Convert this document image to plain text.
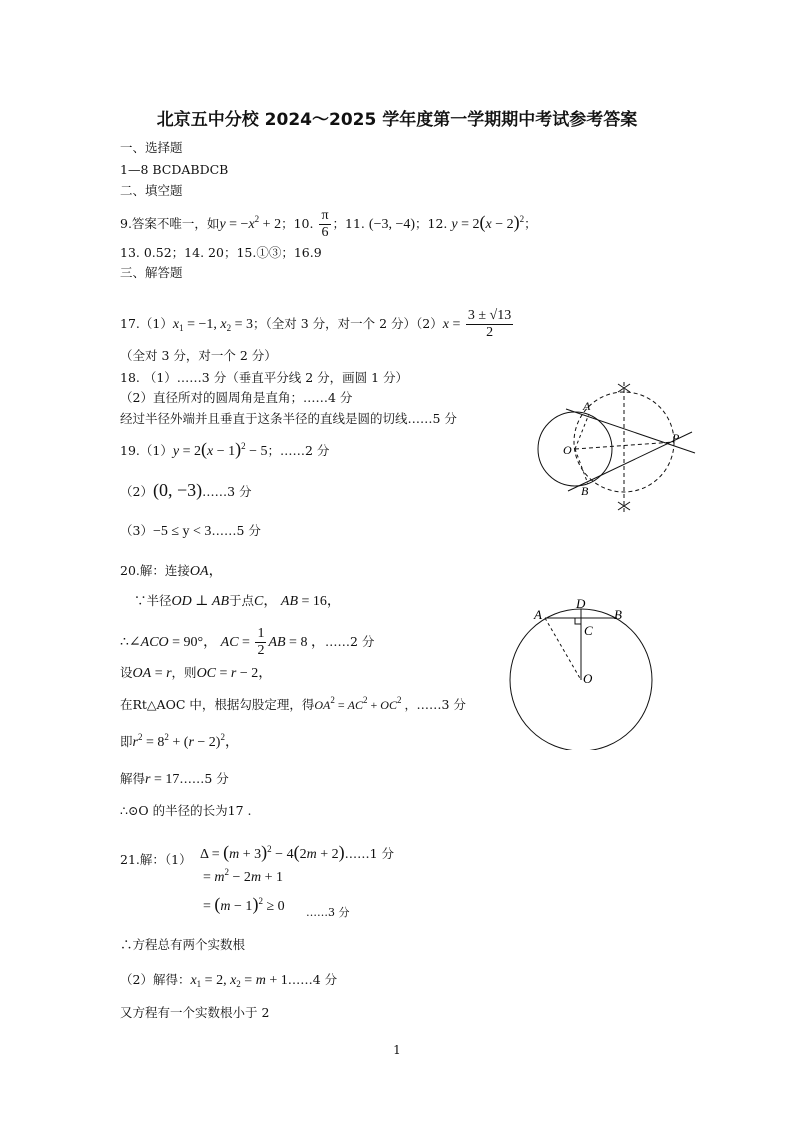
北京五中分校 2024～2025 学年度第一学期期中考试参考答案
一、选择题
1—8 BCDABDCB
二、填空题
9.答案不唯一，如$y = -x^2 + 2$；10. $\frac{\pi}{6}$ ；11. (−3, −4)；12. $y = 2(x - 2)^2$；
13. 0.52；14. 20；15.①③；16.9
三、解答题
$17.(1)x_1 = -1$, $x_2 = 3$；（全对 3 分，对一个 2 分）$(2)x = \frac{3 \pm √13}{2}$
（全对 3 分，对一个 2 分）
18. （1）……3 分（垂直平分线 2 分，画圆 1 分）
（2）直径所对的圆周角是直角；……4 分
经过半径外端并且垂直于这条半径的直线是圆的切线……5 分
$19.(1)y = 2(x - 1)^2 - 5$；……2 分
（2）(0, −3)……3 分
（3）−5 ≤ y < 3……5 分
A
B
O
P
20.解：连接OA，
∵半径OD ⊥ AB于点C， AB = 16，
∴∠ACO = 90°， AC = $\frac{1}{2}$ AB = 8 ，……2 分
设OA = r，则OC = r − 2，
在Rt△AOC 中，根据勾股定理，得$OA^2 = AC^2 + OC^2$ ，……3 分
即$r^2 = 8^2 + (r - 2)^2$，
解得r = 17……5 分
∴⊙O 的半径的长为17 .
A	B
D
C
O
21.解：（1） $\Delta = (m + 3)^2 - 4(2m$ + 2)……1 分
= $m^2 - 2m + 1$
= $(m - 1)^2 \ge 0$ ……3 分
∴方程总有两个实数根
（2）解得：$x_1 = 2$, $x_2 = m$ + 1……4 分
又方程有一个实数根小于 2
1
